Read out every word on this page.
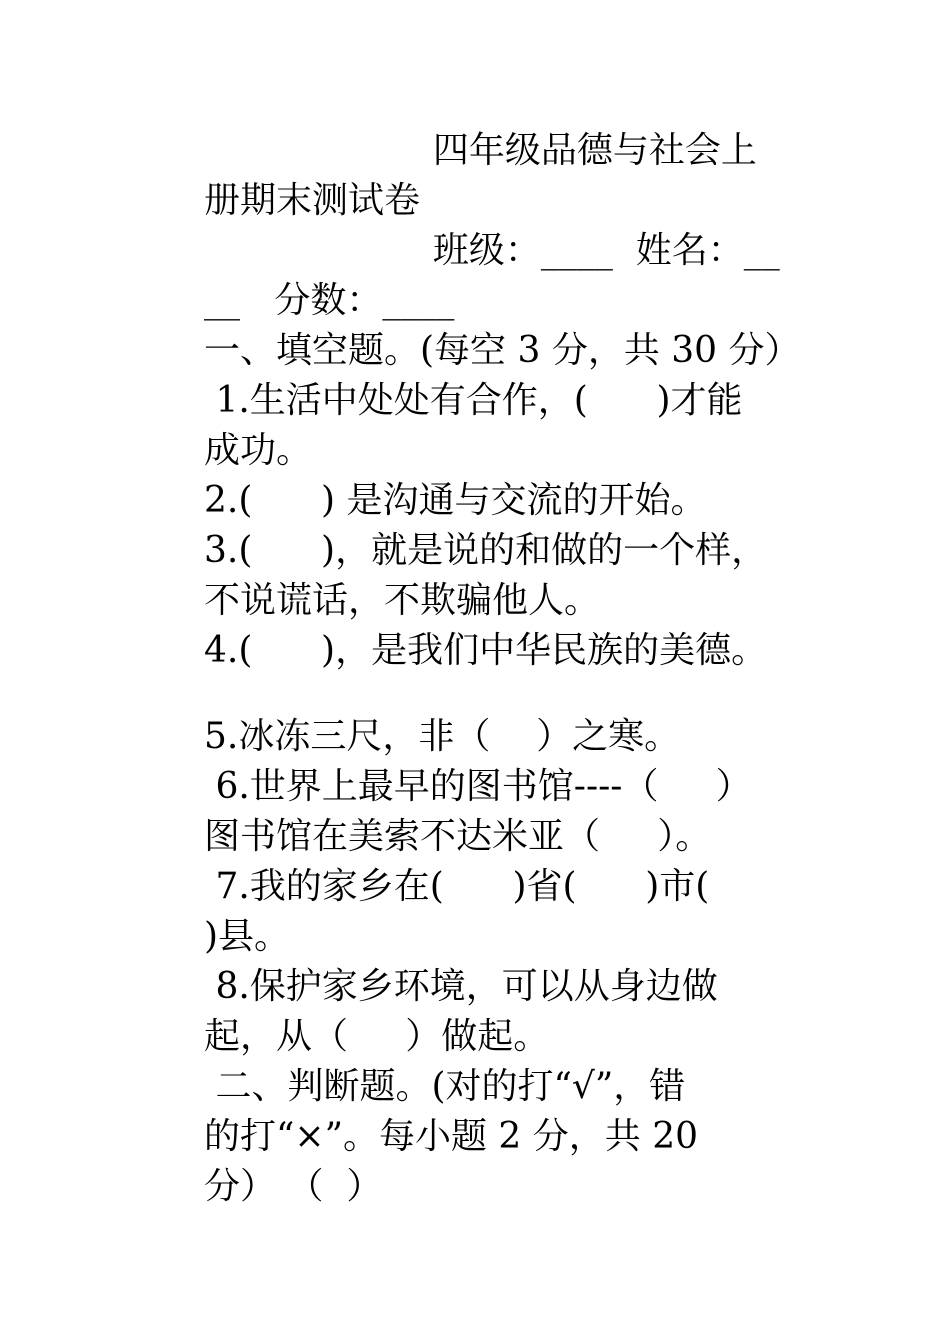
四年级品德与社会上
册期末测试卷
班级：____  姓名：__
__   分数：____
一、填空题。(每空 3 分，共 30 分）
1.生活中处处有合作，(      )才能
成功。
2.(      ) 是沟通与交流的开始。
3.(      )，就是说的和做的一个样，
不说谎话，不欺骗他人。
4.(      )，是我们中华民族的美德。
5.冰冻三尺，非（    ）之寒。
6.世界上最早的图书馆----（     ）
图书馆在美索不达米亚（     ）。
7.我的家乡在(      )省(      )市(
)县。
8.保护家乡环境，可以从身边做
起，从（     ）做起。
二、判断题。(对的打“√”，错
的打“×”。每小题 2 分，共 20
分） （  ）
